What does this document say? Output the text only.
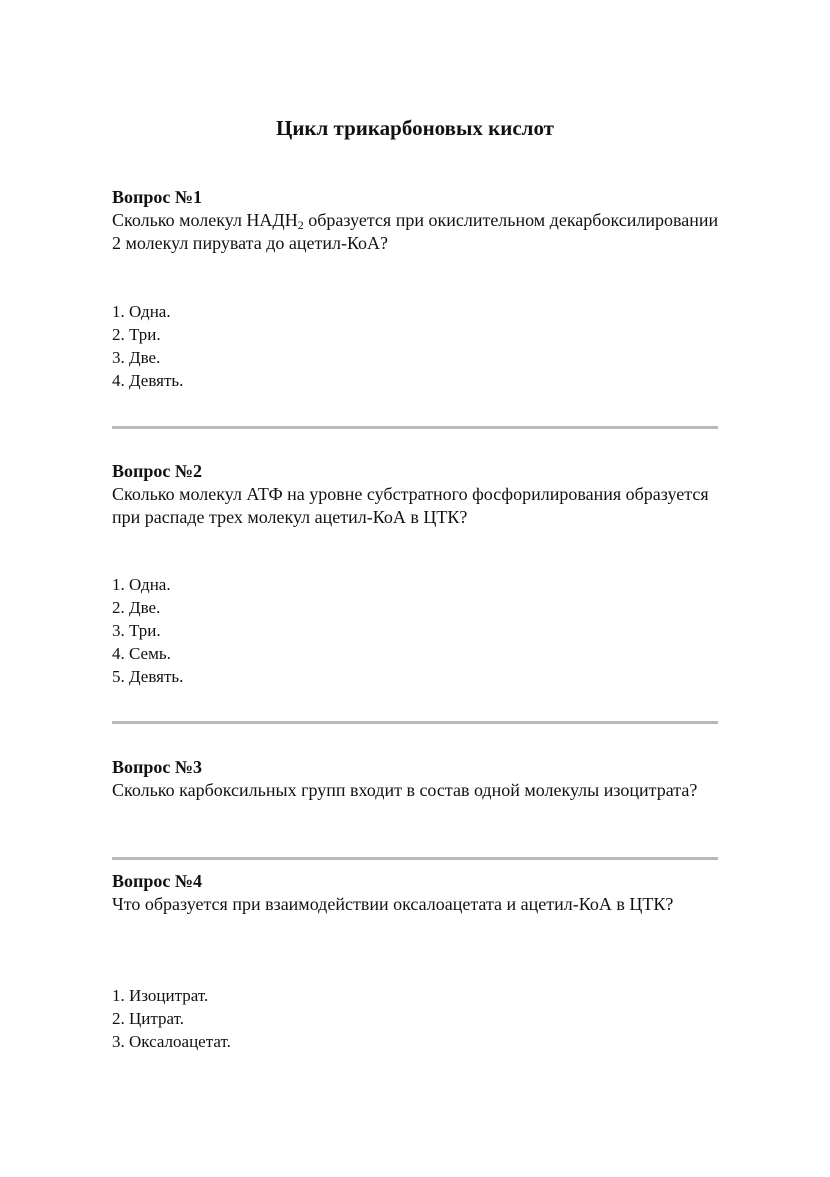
Цикл трикарбоновых кислот
Вопрос №1
Сколько молекул $НАДН_2$ образуется при окислительном декарбоксилировании 2 молекул пирувата до ацетил-КоА?
1. Одна.
2. Три.
3. Две.
4. Девять.
Вопрос №2
Сколько молекул АТФ на уровне субстратного фосфорилирования образуется при распаде трех молекул ацетил-КоА в ЦТК?
1. Одна.
2. Две.
3. Три.
4. Семь.
5. Девять.
Вопрос №3
Сколько карбоксильных групп входит в состав одной молекулы изоцитрата?
Вопрос №4
Что образуется при взаимодействии оксалоацетата и ацетил-КоА в ЦТК?
1. Изоцитрат.
2. Цитрат.
3. Оксалоацетат.
